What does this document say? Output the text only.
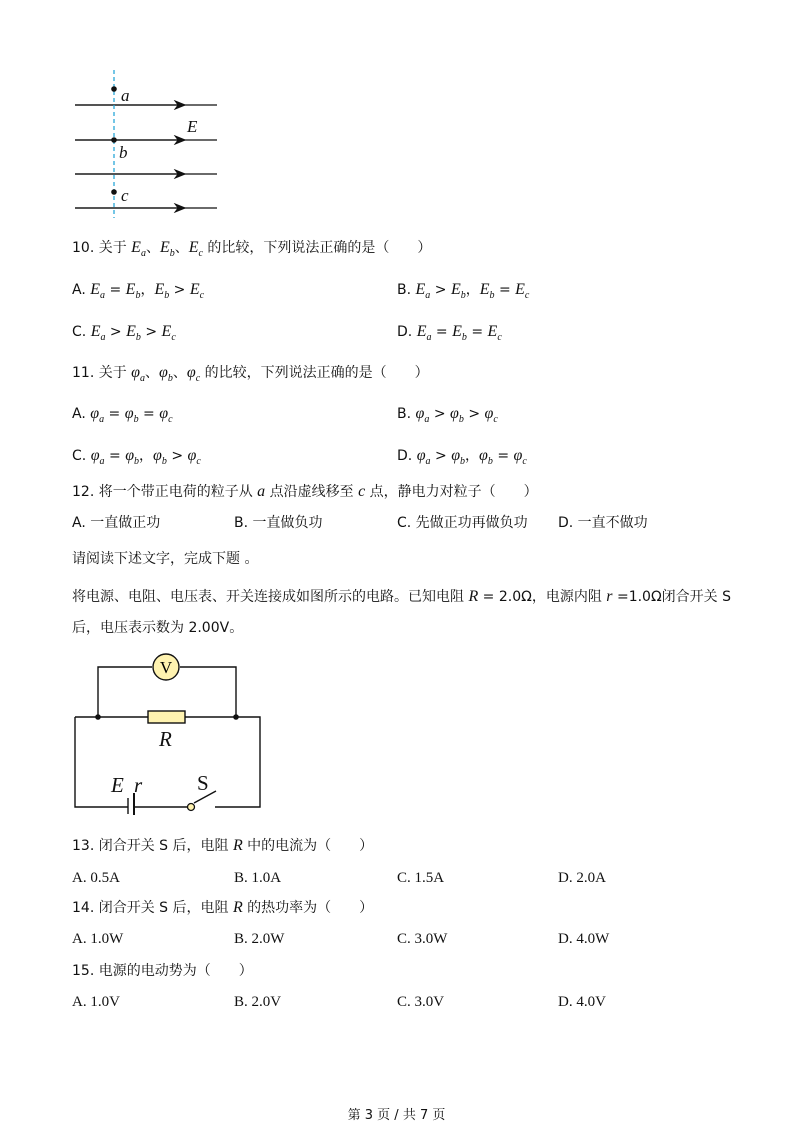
a
b
c
E
10. 关于 $E_a$、$E_b$、$E_c$ 的比较，下列说法正确的是（　　）
A. $E_a = E_b$，$E_b > E_c$	B. $E_a > E_b$，$E_b = E_c$
C. $E_a > E_b > E_c$	D. $E_a = E_b = E_c$
11. 关于 $\varphi_a$、$\varphi_b$、$\varphi_c$ 的比较，下列说法正确的是（　　）
A. $\varphi_a = \varphi_b = \varphi_c$	B. $\varphi_a > \varphi_b > \varphi_c$
C. $\varphi_a = \varphi_b$，$\varphi_b > \varphi_c$	D. $\varphi_a > \varphi_b$，$\varphi_b = \varphi_c$
12. 将一个带正电荷的粒子从 a 点沿虚线移至 c 点，静电力对粒子（　　）
A. 一直做正功	B. 一直做负功	C. 先做正功再做负功 D. 一直不做功
请阅读下述文字，完成下题 。
将电源、电阻、电压表、开关连接成如图所示的电路。已知电阻 R = 2.0Ω，电源内阻 r =1.0Ω闭合开关 S
后，电压表示数为 2.00V。
V
R
E r	S
13. 闭合开关 S 后，电阻 R 中的电流为（　　）
A. 0.5A	B. 1.0A	C. 1.5A	D. 2.0A
14. 闭合开关 S 后，电阻 R 的热功率为（　　）
A. 1.0W	B. 2.0W	C. 3.0W	D. 4.0W
15. 电源的电动势为（　　）
A. 1.0V	B. 2.0V	C. 3.0V	D. 4.0V
第 3 页 / 共 7 页
